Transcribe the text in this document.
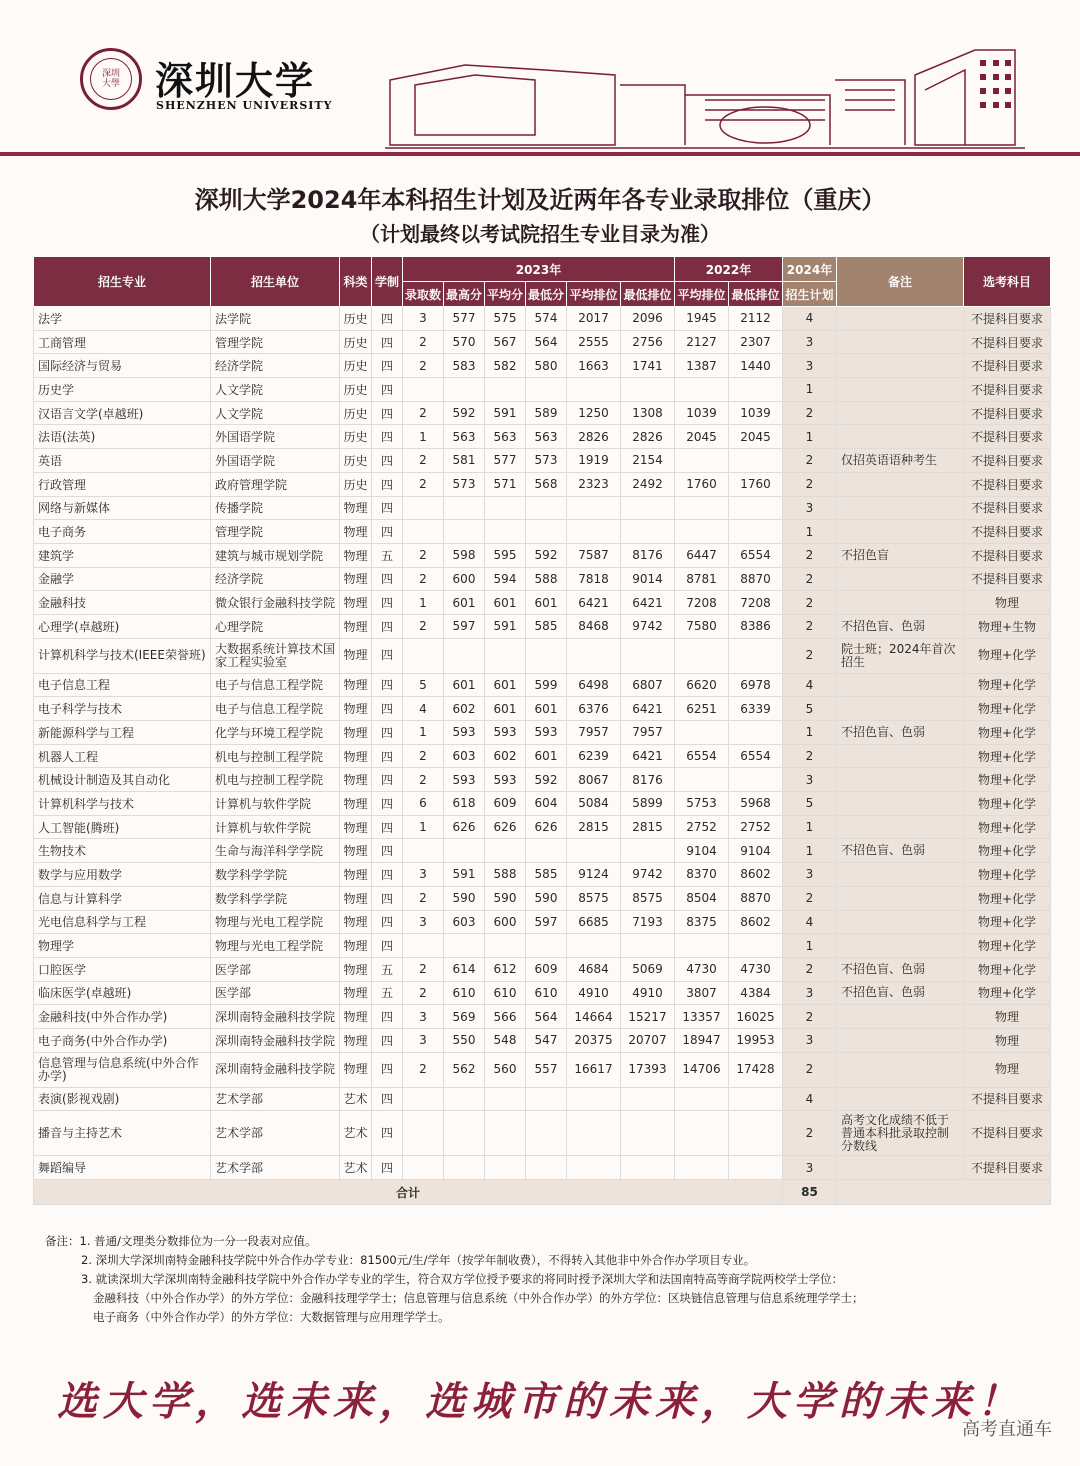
深圳大學 深圳大学
SHENZHEN UNIVERSITY
深圳大学2024年本科招生计划及近两年各专业录取排位（重庆）
（计划最终以考试院招生专业目录为准）
招生专业	招生单位	科类	学制	2023年						2022年		2024年	备注	选考科目
				录取数	最高分	平均分	最低分	平均排位	最低排位	平均排位	最低排位	招生计划		
法学	法学院	历史	四	3	577	575	574	2017	2096	1945	2112	4		不提科目要求
工商管理	管理学院	历史	四	2	570	567	564	2555	2756	2127	2307	3		不提科目要求
国际经济与贸易	经济学院	历史	四	2	583	582	580	1663	1741	1387	1440	3		不提科目要求
历史学	人文学院	历史	四									1		不提科目要求
汉语言文学(卓越班)	人文学院	历史	四	2	592	591	589	1250	1308	1039	1039	2		不提科目要求
法语(法英)	外国语学院	历史	四	1	563	563	563	2826	2826	2045	2045	1		不提科目要求
英语	外国语学院	历史	四	2	581	577	573	1919	2154			2	仅招英语语种考生	不提科目要求
行政管理	政府管理学院	历史	四	2	573	571	568	2323	2492	1760	1760	2		不提科目要求
网络与新媒体	传播学院	物理	四									3		不提科目要求
电子商务	管理学院	物理	四									1		不提科目要求
建筑学	建筑与城市规划学院	物理	五	2	598	595	592	7587	8176	6447	6554	2	不招色盲	不提科目要求
金融学	经济学院	物理	四	2	600	594	588	7818	9014	8781	8870	2		不提科目要求
金融科技	微众银行金融科技学院	物理	四	1	601	601	601	6421	6421	7208	7208	2		物理
心理学(卓越班)	心理学院	物理	四	2	597	591	585	8468	9742	7580	8386	2	不招色盲、色弱	物理+生物
计算机科学与技术(IEEE荣誉班)	大数据系统计算技术国家工程实验室	物理	四									2	院士班；2024年首次招生	物理+化学
电子信息工程	电子与信息工程学院	物理	四	5	601	601	599	6498	6807	6620	6978	4		物理+化学
电子科学与技术	电子与信息工程学院	物理	四	4	602	601	601	6376	6421	6251	6339	5		物理+化学
新能源科学与工程	化学与环境工程学院	物理	四	1	593	593	593	7957	7957			1	不招色盲、色弱	物理+化学
机器人工程	机电与控制工程学院	物理	四	2	603	602	601	6239	6421	6554	6554	2		物理+化学
机械设计制造及其自动化	机电与控制工程学院	物理	四	2	593	593	592	8067	8176			3		物理+化学
计算机科学与技术	计算机与软件学院	物理	四	6	618	609	604	5084	5899	5753	5968	5		物理+化学
人工智能(腾班)	计算机与软件学院	物理	四	1	626	626	626	2815	2815	2752	2752	1		物理+化学
生物技术	生命与海洋科学学院	物理	四							9104	9104	1	不招色盲、色弱	物理+化学
数学与应用数学	数学科学学院	物理	四	3	591	588	585	9124	9742	8370	8602	3		物理+化学
信息与计算科学	数学科学学院	物理	四	2	590	590	590	8575	8575	8504	8870	2		物理+化学
光电信息科学与工程	物理与光电工程学院	物理	四	3	603	600	597	6685	7193	8375	8602	4		物理+化学
物理学	物理与光电工程学院	物理	四									1		物理+化学
口腔医学	医学部	物理	五	2	614	612	609	4684	5069	4730	4730	2	不招色盲、色弱	物理+化学
临床医学(卓越班)	医学部	物理	五	2	610	610	610	4910	4910	3807	4384	3	不招色盲、色弱	物理+化学
金融科技(中外合作办学)	深圳南特金融科技学院	物理	四	3	569	566	564	14664	15217	13357	16025	2		物理
电子商务(中外合作办学)	深圳南特金融科技学院	物理	四	3	550	548	547	20375	20707	18947	19953	3		物理
信息管理与信息系统(中外合作办学)	深圳南特金融科技学院	物理	四	2	562	560	557	16617	17393	14706	17428	2		物理
表演(影视戏剧)	艺术学部	艺术	四									4		不提科目要求
播音与主持艺术	艺术学部	艺术	四									2	高考文化成绩不低于普通本科批录取控制分数线	不提科目要求
舞蹈编导	艺术学部	艺术	四									3		不提科目要求
合计												85		
备注：1. 普通/文理类分数排位为一分一段表对应值。
2. 深圳大学深圳南特金融科技学院中外合作办学专业：81500元/生/学年（按学年制收费），不得转入其他非中外合作办学项目专业。
3. 就读深圳大学深圳南特金融科技学院中外合作办学专业的学生，符合双方学位授予要求的将同时授予深圳大学和法国南特高等商学院两校学士学位：
金融科技（中外合作办学）的外方学位：金融科技理学学士；信息管理与信息系统（中外合作办学）的外方学位：区块链信息管理与信息系统理学学士；
电子商务（中外合作办学）的外方学位：大数据管理与应用理学学士。
选大学，选未来，选城市的未来，大学的未来！
高考直通车
